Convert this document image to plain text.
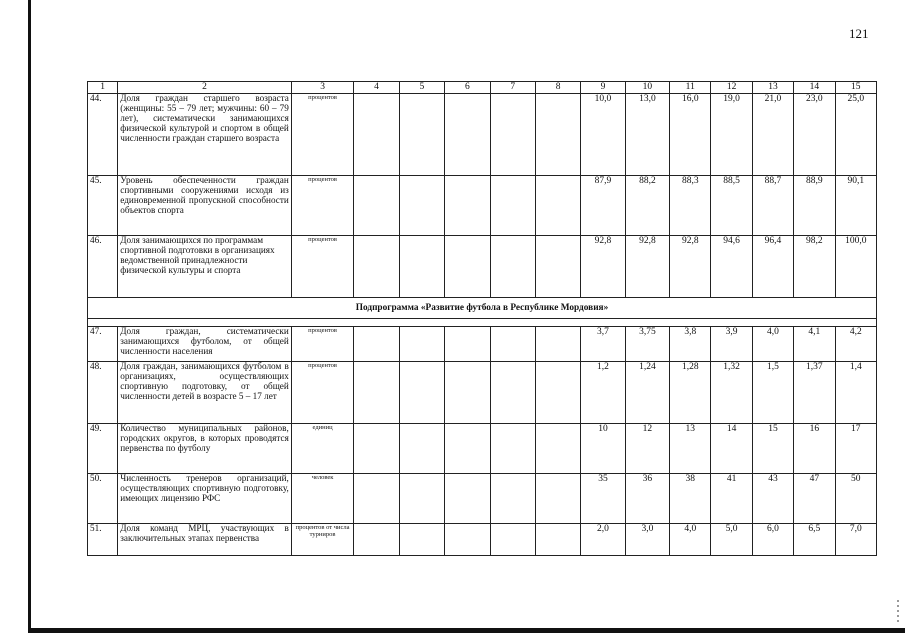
121
1	2	3	4	5	6	7	8	9	10	11	12	13	14	15
44.	Доля граждан старшего возраста (женщины: 55 – 79 лет; мужчины: 60 – 79 лет), систематически занимающихся физической культурой и спортом в общей численности граждан старшего возраста	процентов						10,0	13,0	16,0	19,0	21,0	23,0	25,0
45.	Уровень обеспеченности граждан спортивными сооружениями исходя из единовременной пропускной способности объектов спорта	процентов						87,9	88,2	88,3	88,5	88,7	88,9	90,1
46.	Доля занимающихся по программам спортивной подготовки в организациях ведомственной принадлежности физической культуры и спорта	процентов						92,8	92,8	92,8	94,6	96,4	98,2	100,0
Подпрограмма «Развитие футбола в Республике Мордовия»														

47.	Доля граждан, систематически занимающихся футболом, от общей численности населения	процентов						3,7	3,75	3,8	3,9	4,0	4,1	4,2
48.	Доля граждан, занимающихся футболом в организациях, осуществляющих спортивную подготовку, от общей численности детей в возрасте 5 – 17 лет	процентов						1,2	1,24	1,28	1,32	1,5	1,37	1,4
49.	Количество муниципальных районов, городских округов, в которых проводятся первенства по футболу	единиц						10	12	13	14	15	16	17
50.	Численность тренеров организаций, осуществляющих спортивную подготовку, имеющих лицензию РФС	человек						35	36	38	41	43	47	50
51.	Доля команд МРЦ, участвующих в заключительных этапах первенства	процентов от числа турниров						2,0	3,0	4,0	5,0	6,0	6,5	7,0
